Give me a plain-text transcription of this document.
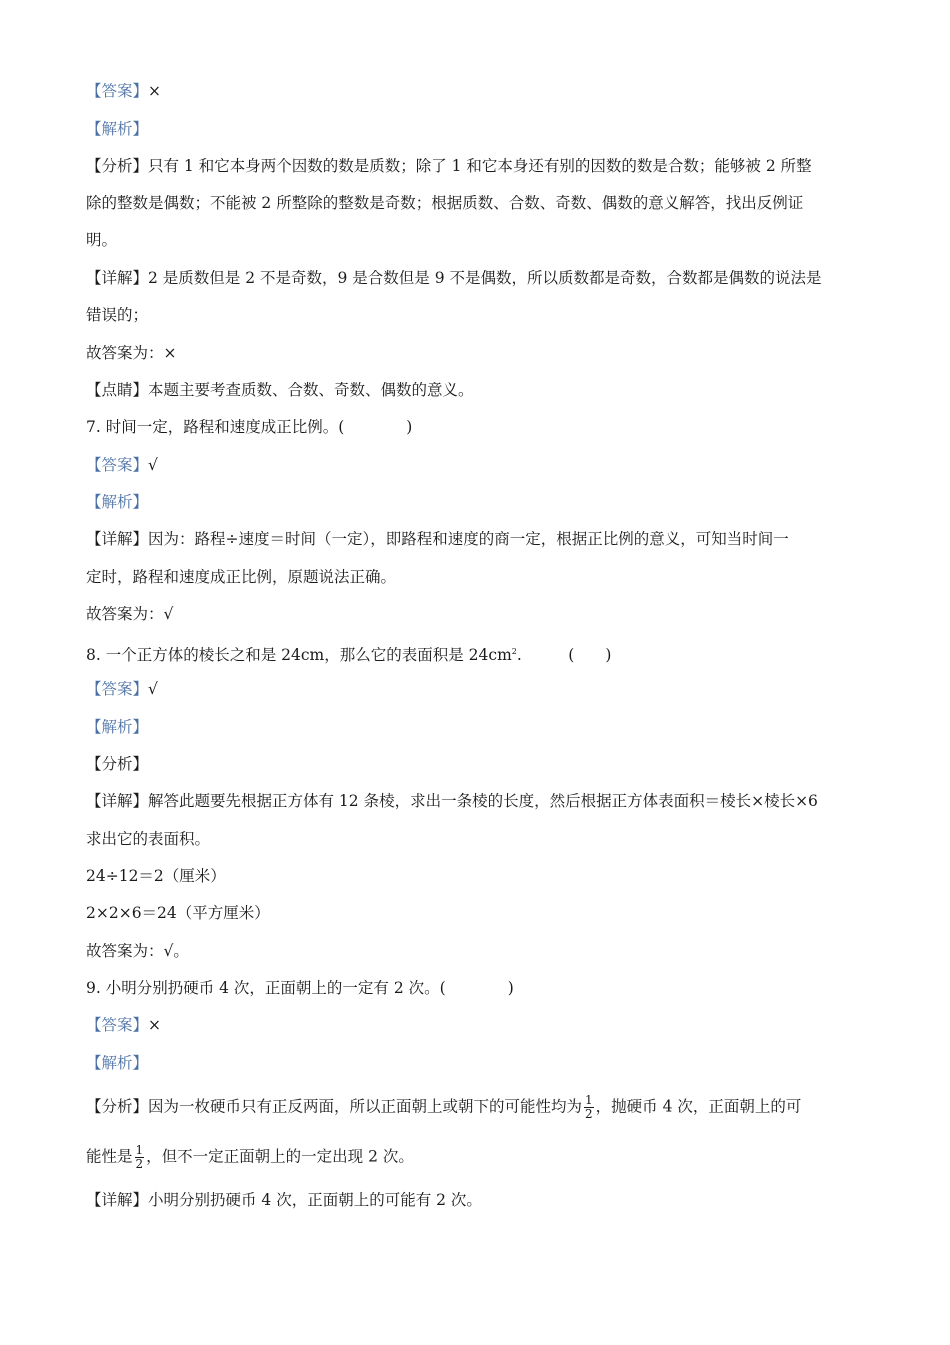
【答案】×
【解析】
【分析】只有 1 和它本身两个因数的数是质数；除了 1 和它本身还有别的因数的数是合数；能够被 2 所整
除的整数是偶数；不能被 2 所整除的整数是奇数；根据质数、合数、奇数、偶数的意义解答，找出反例证
明。
【详解】2 是质数但是 2 不是奇数，9 是合数但是 9 不是偶数，所以质数都是奇数，合数都是偶数的说法是
错误的；
故答案为：×
【点睛】本题主要考查质数、合数、奇数、偶数的意义。
7. 时间一定，路程和速度成正比例。(　　　　)
【答案】√
【解析】
【详解】因为：路程÷速度＝时间（一定），即路程和速度的商一定，根据正比例的意义，可知当时间一
定时，路程和速度成正比例，原题说法正确。
故答案为：√
8. 一个正方体的棱长之和是 24cm，那么它的表面积是 $24cm^2$.　　　(　　)
【答案】√
【解析】
【分析】
【详解】解答此题要先根据正方体有 12 条棱，求出一条棱的长度，然后根据正方体表面积＝棱长×棱长×6
求出它的表面积。
24÷12＝2（厘米）
2×2×6＝24（平方厘米）
故答案为：√。
9. 小明分别扔硬币 4 次，正面朝上的一定有 2 次。(　　　　)
【答案】×
【解析】
【分析】因为一枚硬币只有正反两面，所以正面朝上或朝下的可能性均为 $\frac{1}{2}$ ，抛硬币 4 次，正面朝上的可
能性是 $\frac{1}{2}$ ，但不一定正面朝上的一定出现 2 次。
【详解】小明分别扔硬币 4 次，正面朝上的可能有 2 次。
